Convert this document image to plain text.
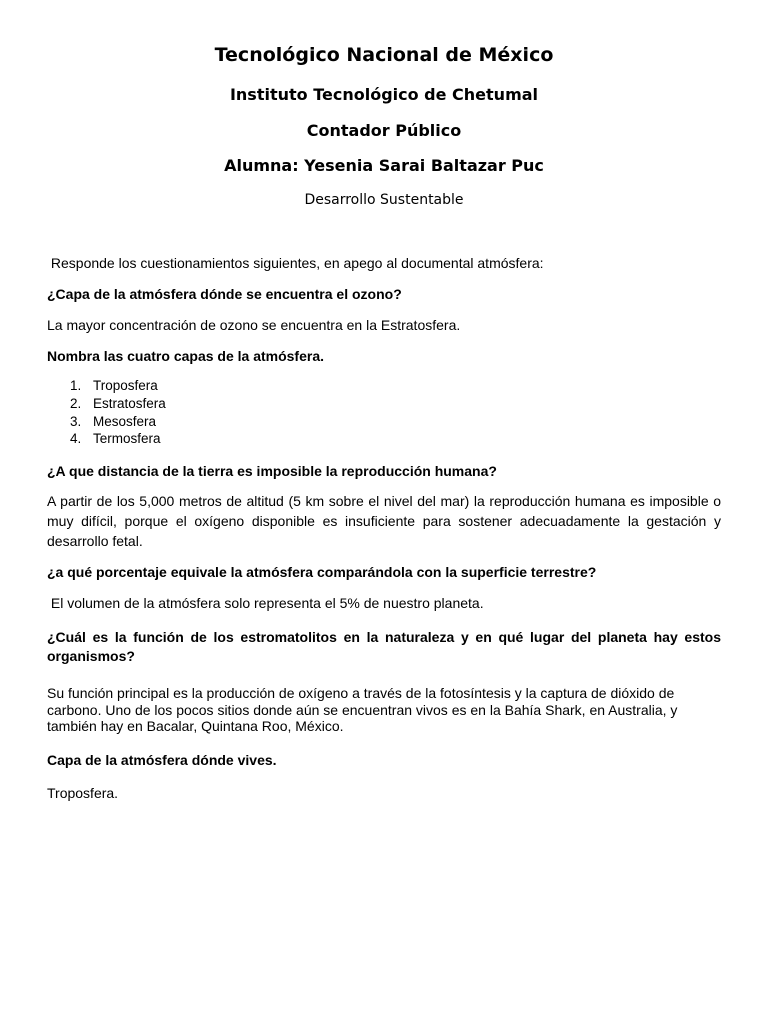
Tecnológico Nacional de México
Instituto Tecnológico de Chetumal
Contador Público
Alumna: Yesenia Sarai Baltazar Puc
Desarrollo Sustentable
Responde los cuestionamientos siguientes, en apego al documental atmósfera:
¿Capa de la atmósfera dónde se encuentra el ozono?
La mayor concentración de ozono se encuentra en la Estratosfera.
Nombra las cuatro capas de la atmósfera.
1. Troposfera
2. Estratosfera
3. Mesosfera
4. Termosfera
¿A que distancia de la tierra es imposible la reproducción humana?
A partir de los 5,000 metros de altitud (5 km sobre el nivel del mar) la reproducción humana es imposible o muy difícil, porque el oxígeno disponible es insuficiente para sostener adecuadamente la gestación y desarrollo fetal.
¿a qué porcentaje equivale la atmósfera comparándola con la superficie terrestre?
El volumen de la atmósfera solo representa el 5% de nuestro planeta.
¿Cuál es la función de los estromatolitos en la naturaleza y en qué lugar del planeta hay estos organismos?
Su función principal es la producción de oxígeno a través de la fotosíntesis y la captura de dióxido de carbono. Uno de los pocos sitios donde aún se encuentran vivos es en la Bahía Shark, en Australia, y también hay en Bacalar, Quintana Roo, México.
Capa de la atmósfera dónde vives.
Troposfera.
